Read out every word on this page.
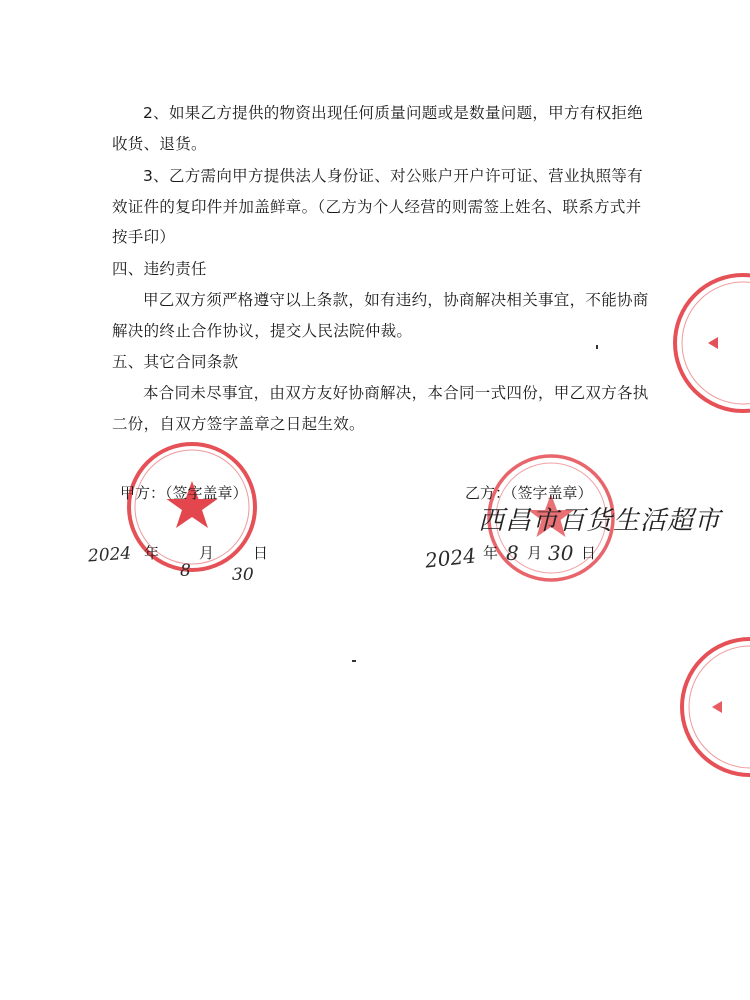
2、如果乙方提供的物资出现任何质量问题或是数量问题，甲方有权拒绝收货、退货。

3、乙方需向甲方提供法人身份证、对公账户开户许可证、营业执照等有效证件的复印件并加盖鲜章。（乙方为个人经营的则需签上姓名、联系方式并按手印）

四、违约责任

甲乙双方须严格遵守以上条款，如有违约，协商解决相关事宜，不能协商解决的终止合作协议，提交人民法院仲裁。

五、其它合同条款

本合同未尽事宜，由双方友好协商解决，本合同一式四份，甲乙双方各执二份，自双方签字盖章之日起生效。

甲方：（签字盖章）	乙方：（签字盖章）
西昌市百货生活超市
2024 年
8
月
30
日	2024 年 8 月 30 日
